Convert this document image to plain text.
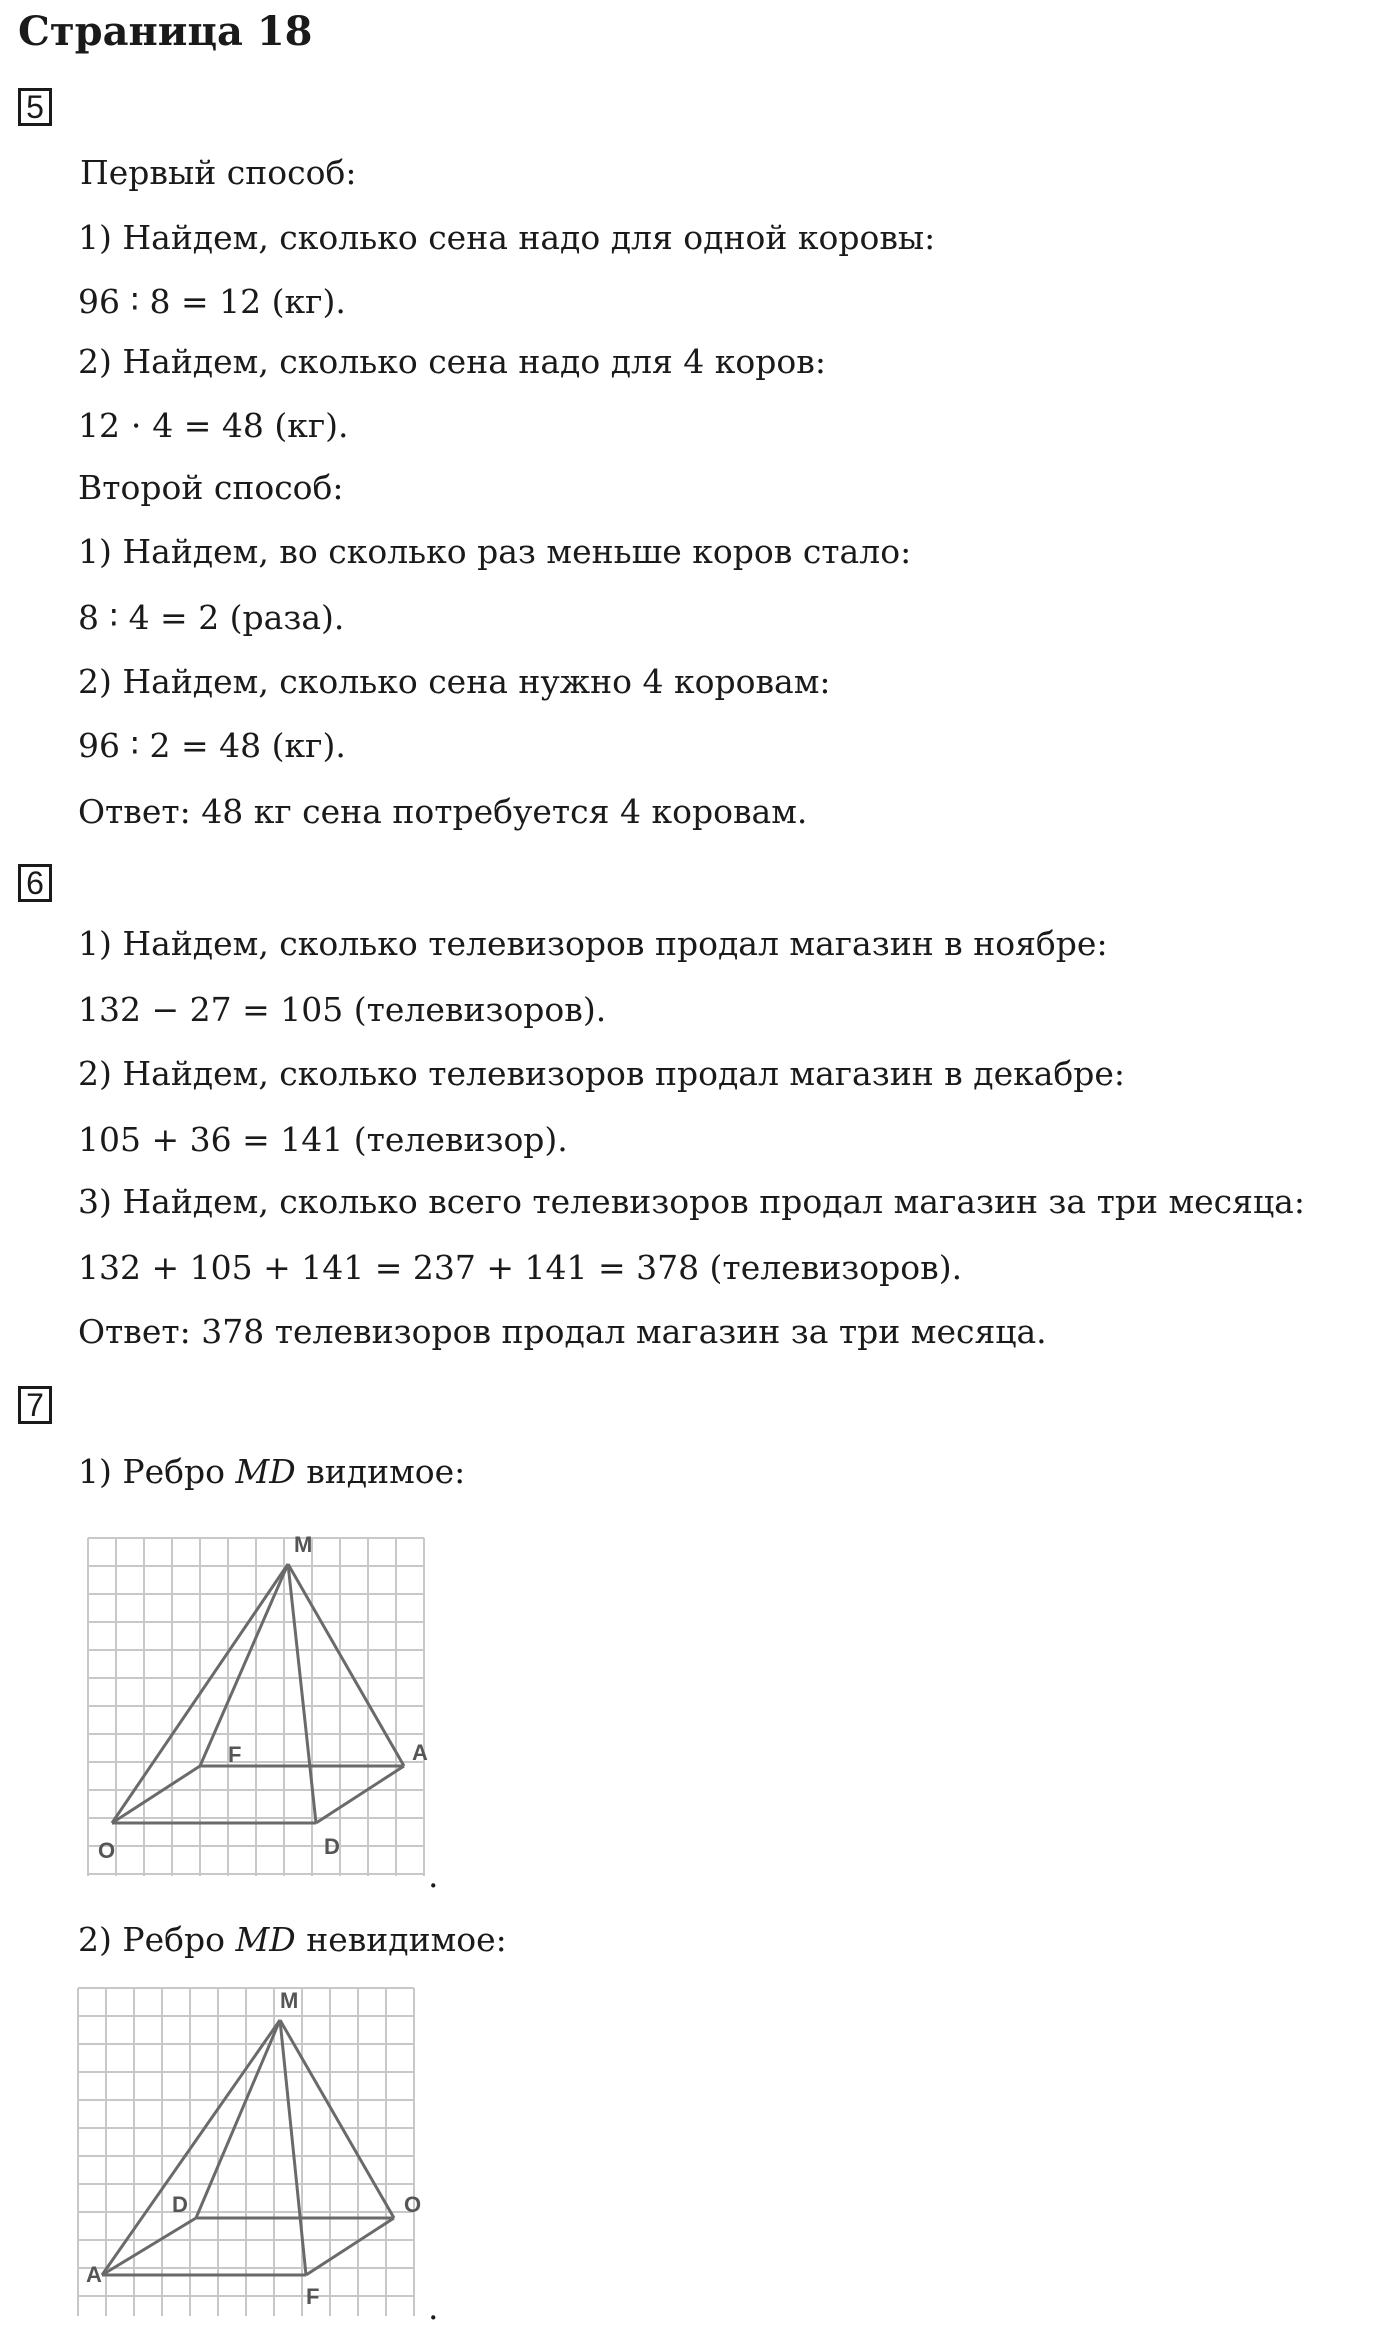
Страница 18
5
Первый способ:
1) Найдем, сколько сена надо для одной коровы:
96 ∶ 8 = 12 (кг).
2) Найдем, сколько сена надо для 4 коров:
12 ⋅ 4 = 48 (кг).
Второй способ:
1) Найдем, во сколько раз меньше коров стало:
8 ∶ 4 = 2 (раза).
2) Найдем, сколько сена нужно 4 коровам:
96 ∶ 2 = 48 (кг).
Ответ: 48 кг сена потребуется 4 коровам.
6
1) Найдем, сколько телевизоров продал магазин в ноябре:
132 − 27 = 105 (телевизоров).
2) Найдем, сколько телевизоров продал магазин в декабре:
105 + 36 = 141 (телевизор).
3) Найдем, сколько всего телевизоров продал магазин за три месяца:
132 + 105 + 141 = 237 + 141 = 378 (телевизоров).
Ответ: 378 телевизоров продал магазин за три месяца.
7
1) Ребро MD видимое:
M
F	A
O	D
.
2) Ребро MD невидимое:
M
D	O
A
F	.
